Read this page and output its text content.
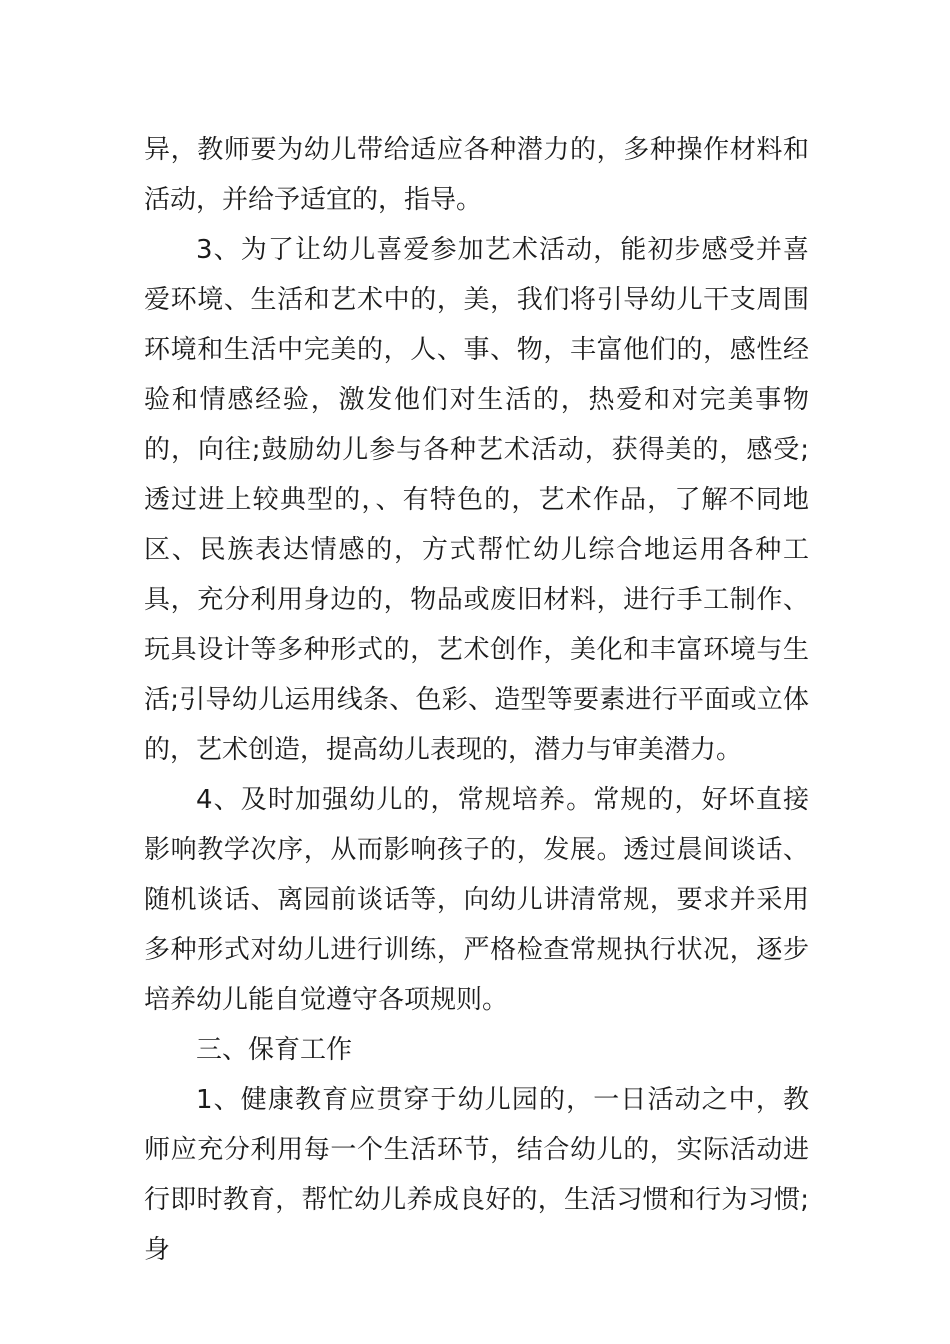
异，教师要为幼儿带给适应各种潜力的，多种操作材料和活动，并给予适宜的，指导。

3、为了让幼儿喜爱参加艺术活动，能初步感受并喜爱环境、生活和艺术中的，美，我们将引导幼儿干支周围环境和生活中完美的，人、事、物，丰富他们的，感性经验和情感经验，激发他们对生活的，热爱和对完美事物的，向往;鼓励幼儿参与各种艺术活动，获得美的，感受;透过进上较典型的，、有特色的，艺术作品，了解不同地区、民族表达情感的，方式帮忙幼儿综合地运用各种工具，充分利用身边的，物品或废旧材料，进行手工制作、玩具设计等多种形式的，艺术创作，美化和丰富环境与生活;引导幼儿运用线条、色彩、造型等要素进行平面或立体的，艺术创造，提高幼儿表现的，潜力与审美潜力。

4、及时加强幼儿的，常规培养。常规的，好坏直接影响教学次序，从而影响孩子的，发展。透过晨间谈话、随机谈话、离园前谈话等，向幼儿讲清常规，要求并采用多种形式对幼儿进行训练，严格检查常规执行状况，逐步培养幼儿能自觉遵守各项规则。

三、保育工作

1、健康教育应贯穿于幼儿园的，一日活动之中，教师应充分利用每一个生活环节，结合幼儿的，实际活动进行即时教育，帮忙幼儿养成良好的，生活习惯和行为习惯;身
